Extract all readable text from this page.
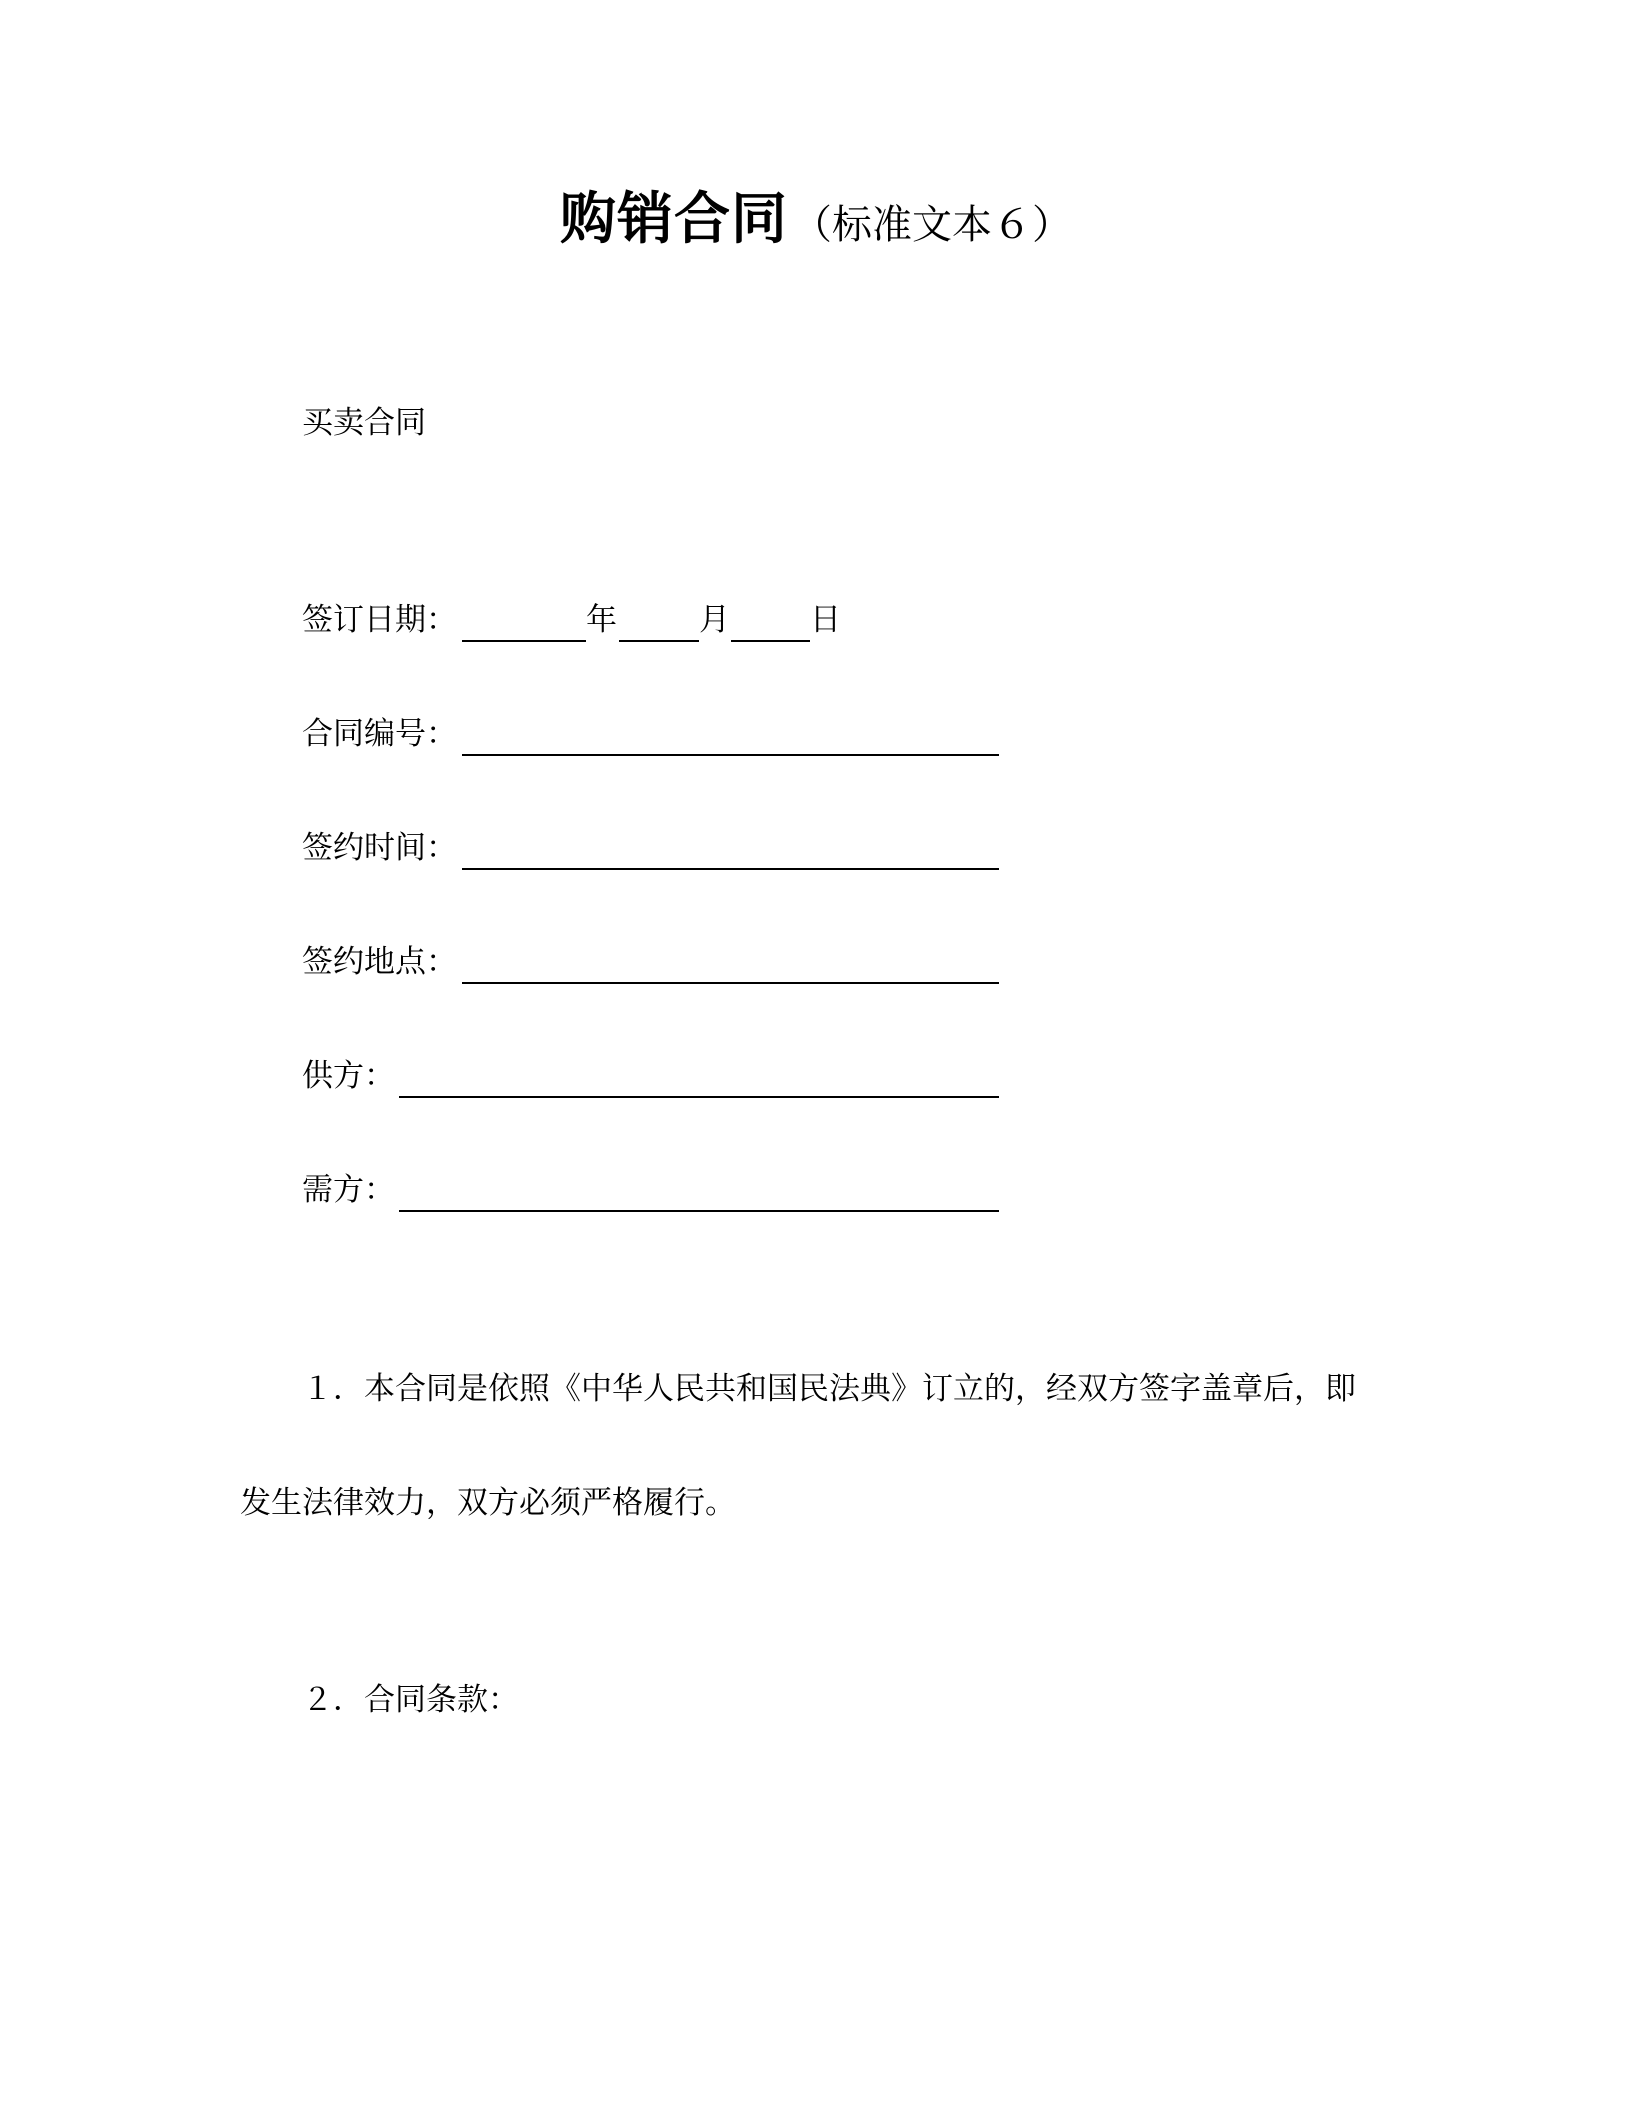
购销合同 （标准文本６）
买卖合同
签订日期：	年	月	日
合同编号：
签约时间：
签约地点：
供方：
需方：
１．本合同是依照《中华人民共和国民法典》订立的，经双方签字盖章后，即
发生法律效力，双方必须严格履行。
２．合同条款：
